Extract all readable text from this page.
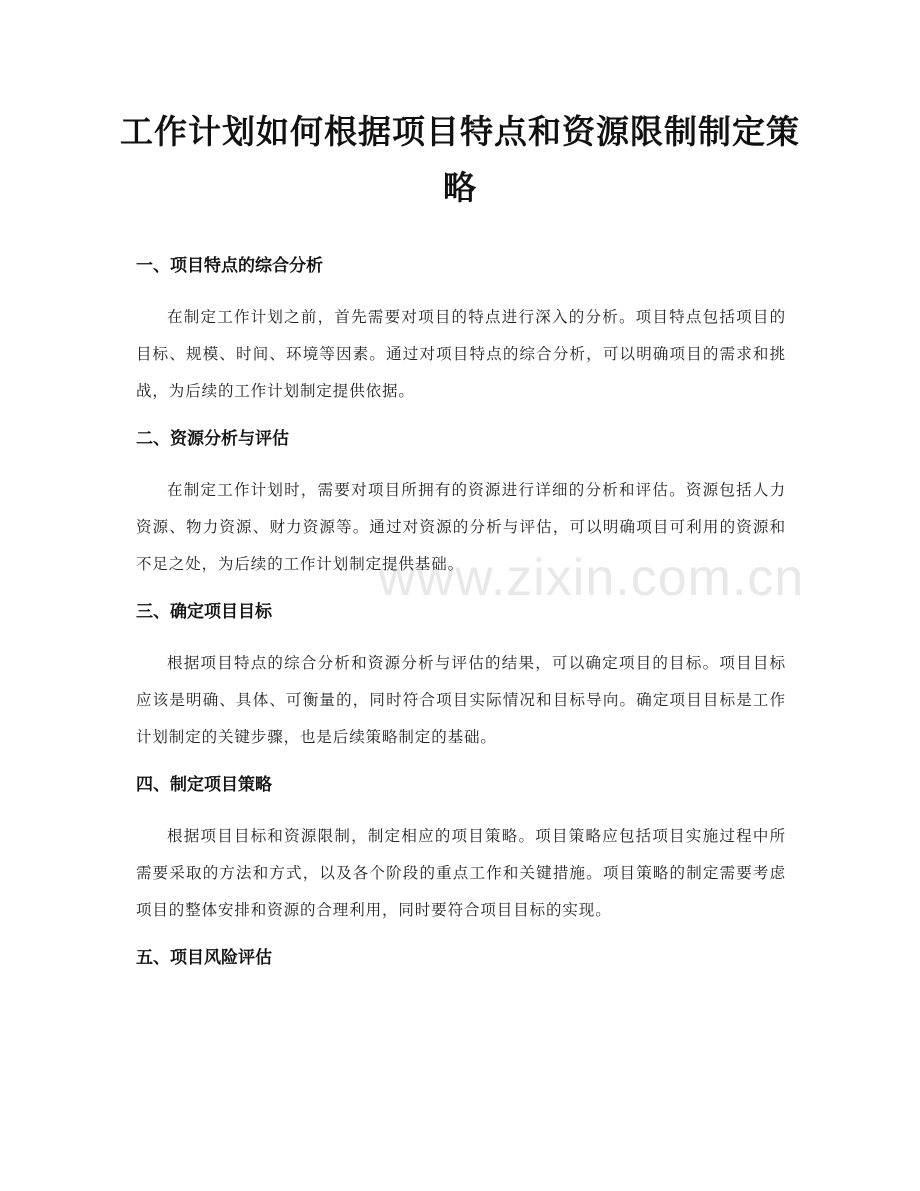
www.zixin.com.cn
工作计划如何根据项目特点和资源限制制定策略
一、项目特点的综合分析

在制定工作计划之前，首先需要对项目的特点进行深入的分析。项目特点包括项目的目标、规模、时间、环境等因素。通过对项目特点的综合分析，可以明确项目的需求和挑战，为后续的工作计划制定提供依据。

二、资源分析与评估

在制定工作计划时，需要对项目所拥有的资源进行详细的分析和评估。资源包括人力资源、物力资源、财力资源等。通过对资源的分析与评估，可以明确项目可利用的资源和不足之处，为后续的工作计划制定提供基础。

三、确定项目目标

根据项目特点的综合分析和资源分析与评估的结果，可以确定项目的目标。项目目标应该是明确、具体、可衡量的，同时符合项目实际情况和目标导向。确定项目目标是工作计划制定的关键步骤，也是后续策略制定的基础。

四、制定项目策略

根据项目目标和资源限制，制定相应的项目策略。项目策略应包括项目实施过程中所需要采取的方法和方式，以及各个阶段的重点工作和关键措施。项目策略的制定需要考虑项目的整体安排和资源的合理利用，同时要符合项目目标的实现。

五、项目风险评估
